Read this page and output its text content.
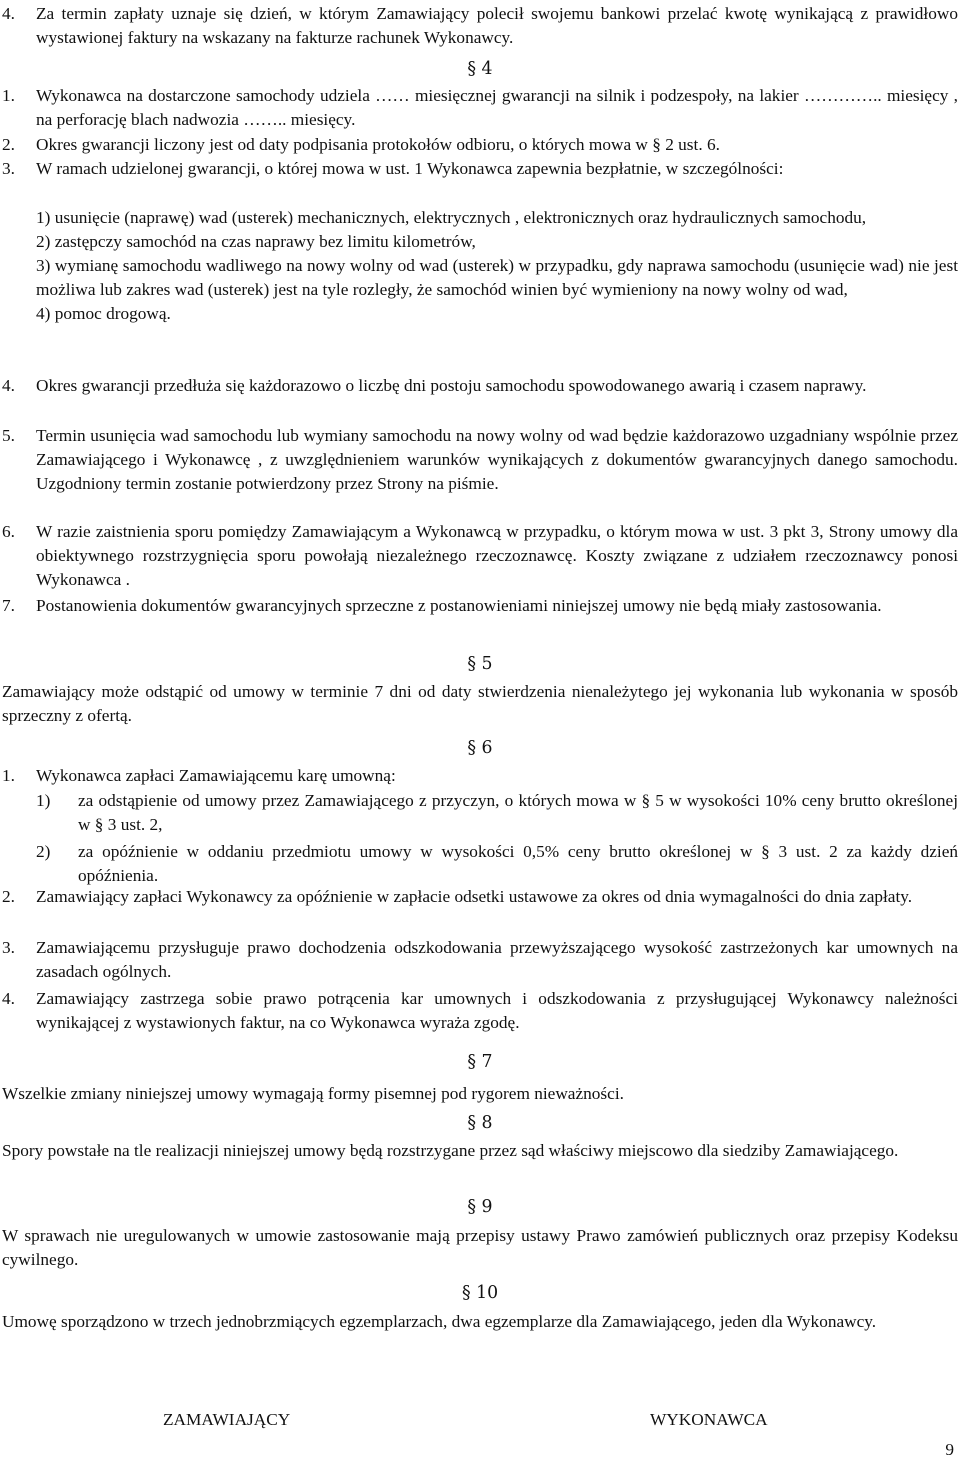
4. Za termin zapłaty uznaje się dzień, w którym Zamawiający polecił swojemu bankowi przelać kwotę wynikającą z prawidłowo wystawionej faktury na wskazany na fakturze rachunek Wykonawcy.
§ 4
1. Wykonawca na dostarczone samochody udziela …… miesięcznej gwarancji na silnik i podzespoły, na lakier ………….. miesięcy , na perforację blach nadwozia …….. miesięcy.
2. Okres gwarancji liczony jest od daty podpisania protokołów odbioru, o których mowa w § 2 ust. 6.
3. W ramach udzielonej gwarancji, o której mowa w ust. 1 Wykonawca zapewnia bezpłatnie, w szczególności:
1) usunięcie (naprawę) wad (usterek) mechanicznych, elektrycznych , elektronicznych oraz hydraulicznych samochodu,
2) zastępczy samochód na czas naprawy bez limitu kilometrów,
3) wymianę samochodu wadliwego na nowy wolny od wad (usterek) w przypadku, gdy naprawa samochodu (usunięcie wad) nie jest możliwa lub zakres wad (usterek) jest na tyle rozległy, że samochód winien być wymieniony na nowy wolny od wad,
4) pomoc drogową.
4. Okres gwarancji przedłuża się każdorazowo o liczbę dni postoju samochodu spowodowanego awarią i czasem naprawy.
5. Termin usunięcia wad samochodu lub wymiany samochodu na nowy wolny od wad będzie każdorazowo uzgadniany wspólnie przez Zamawiającego i Wykonawcę , z uwzględnieniem warunków wynikających z dokumentów gwarancyjnych danego samochodu. Uzgodniony termin zostanie potwierdzony przez Strony na piśmie.
6. W razie zaistnienia sporu pomiędzy Zamawiającym a Wykonawcą w przypadku, o którym mowa w ust. 3 pkt 3, Strony umowy dla obiektywnego rozstrzygnięcia sporu powołają niezależnego rzeczoznawcę. Koszty związane z udziałem rzeczoznawcy ponosi Wykonawca .
7. Postanowienia dokumentów gwarancyjnych sprzeczne z postanowieniami niniejszej umowy nie będą miały zastosowania.
§ 5
Zamawiający może odstąpić od umowy w terminie 7 dni od daty stwierdzenia nienależytego jej wykonania lub wykonania w sposób sprzeczny z ofertą.
§ 6
1. Wykonawca zapłaci Zamawiającemu karę umowną:
1) za odstąpienie od umowy przez Zamawiającego z przyczyn, o których mowa w § 5 w wysokości 10% ceny brutto określonej w § 3 ust. 2,
2) za opóźnienie w oddaniu przedmiotu umowy w wysokości 0,5% ceny brutto określonej w § 3 ust. 2 za każdy dzień opóźnienia.
2. Zamawiający zapłaci Wykonawcy za opóźnienie w zapłacie odsetki ustawowe za okres od dnia wymagalności do dnia zapłaty.
3. Zamawiającemu przysługuje prawo dochodzenia odszkodowania przewyższającego wysokość zastrzeżonych kar umownych na zasadach ogólnych.
4. Zamawiający zastrzega sobie prawo potrącenia kar umownych i odszkodowania z przysługującej Wykonawcy należności wynikającej z wystawionych faktur, na co Wykonawca wyraża zgodę.
§ 7
Wszelkie zmiany niniejszej umowy wymagają formy pisemnej pod rygorem nieważności.
§ 8
Spory powstałe na tle realizacji niniejszej umowy będą rozstrzygane przez sąd właściwy miejscowo dla siedziby Zamawiającego.
§ 9
W sprawach nie uregulowanych w umowie zastosowanie mają przepisy ustawy Prawo zamówień publicznych oraz przepisy Kodeksu cywilnego.
§ 10
Umowę sporządzono w trzech jednobrzmiących egzemplarzach, dwa egzemplarze dla Zamawiającego, jeden dla Wykonawcy.
ZAMAWIAJĄCY	WYKONAWCA
9
